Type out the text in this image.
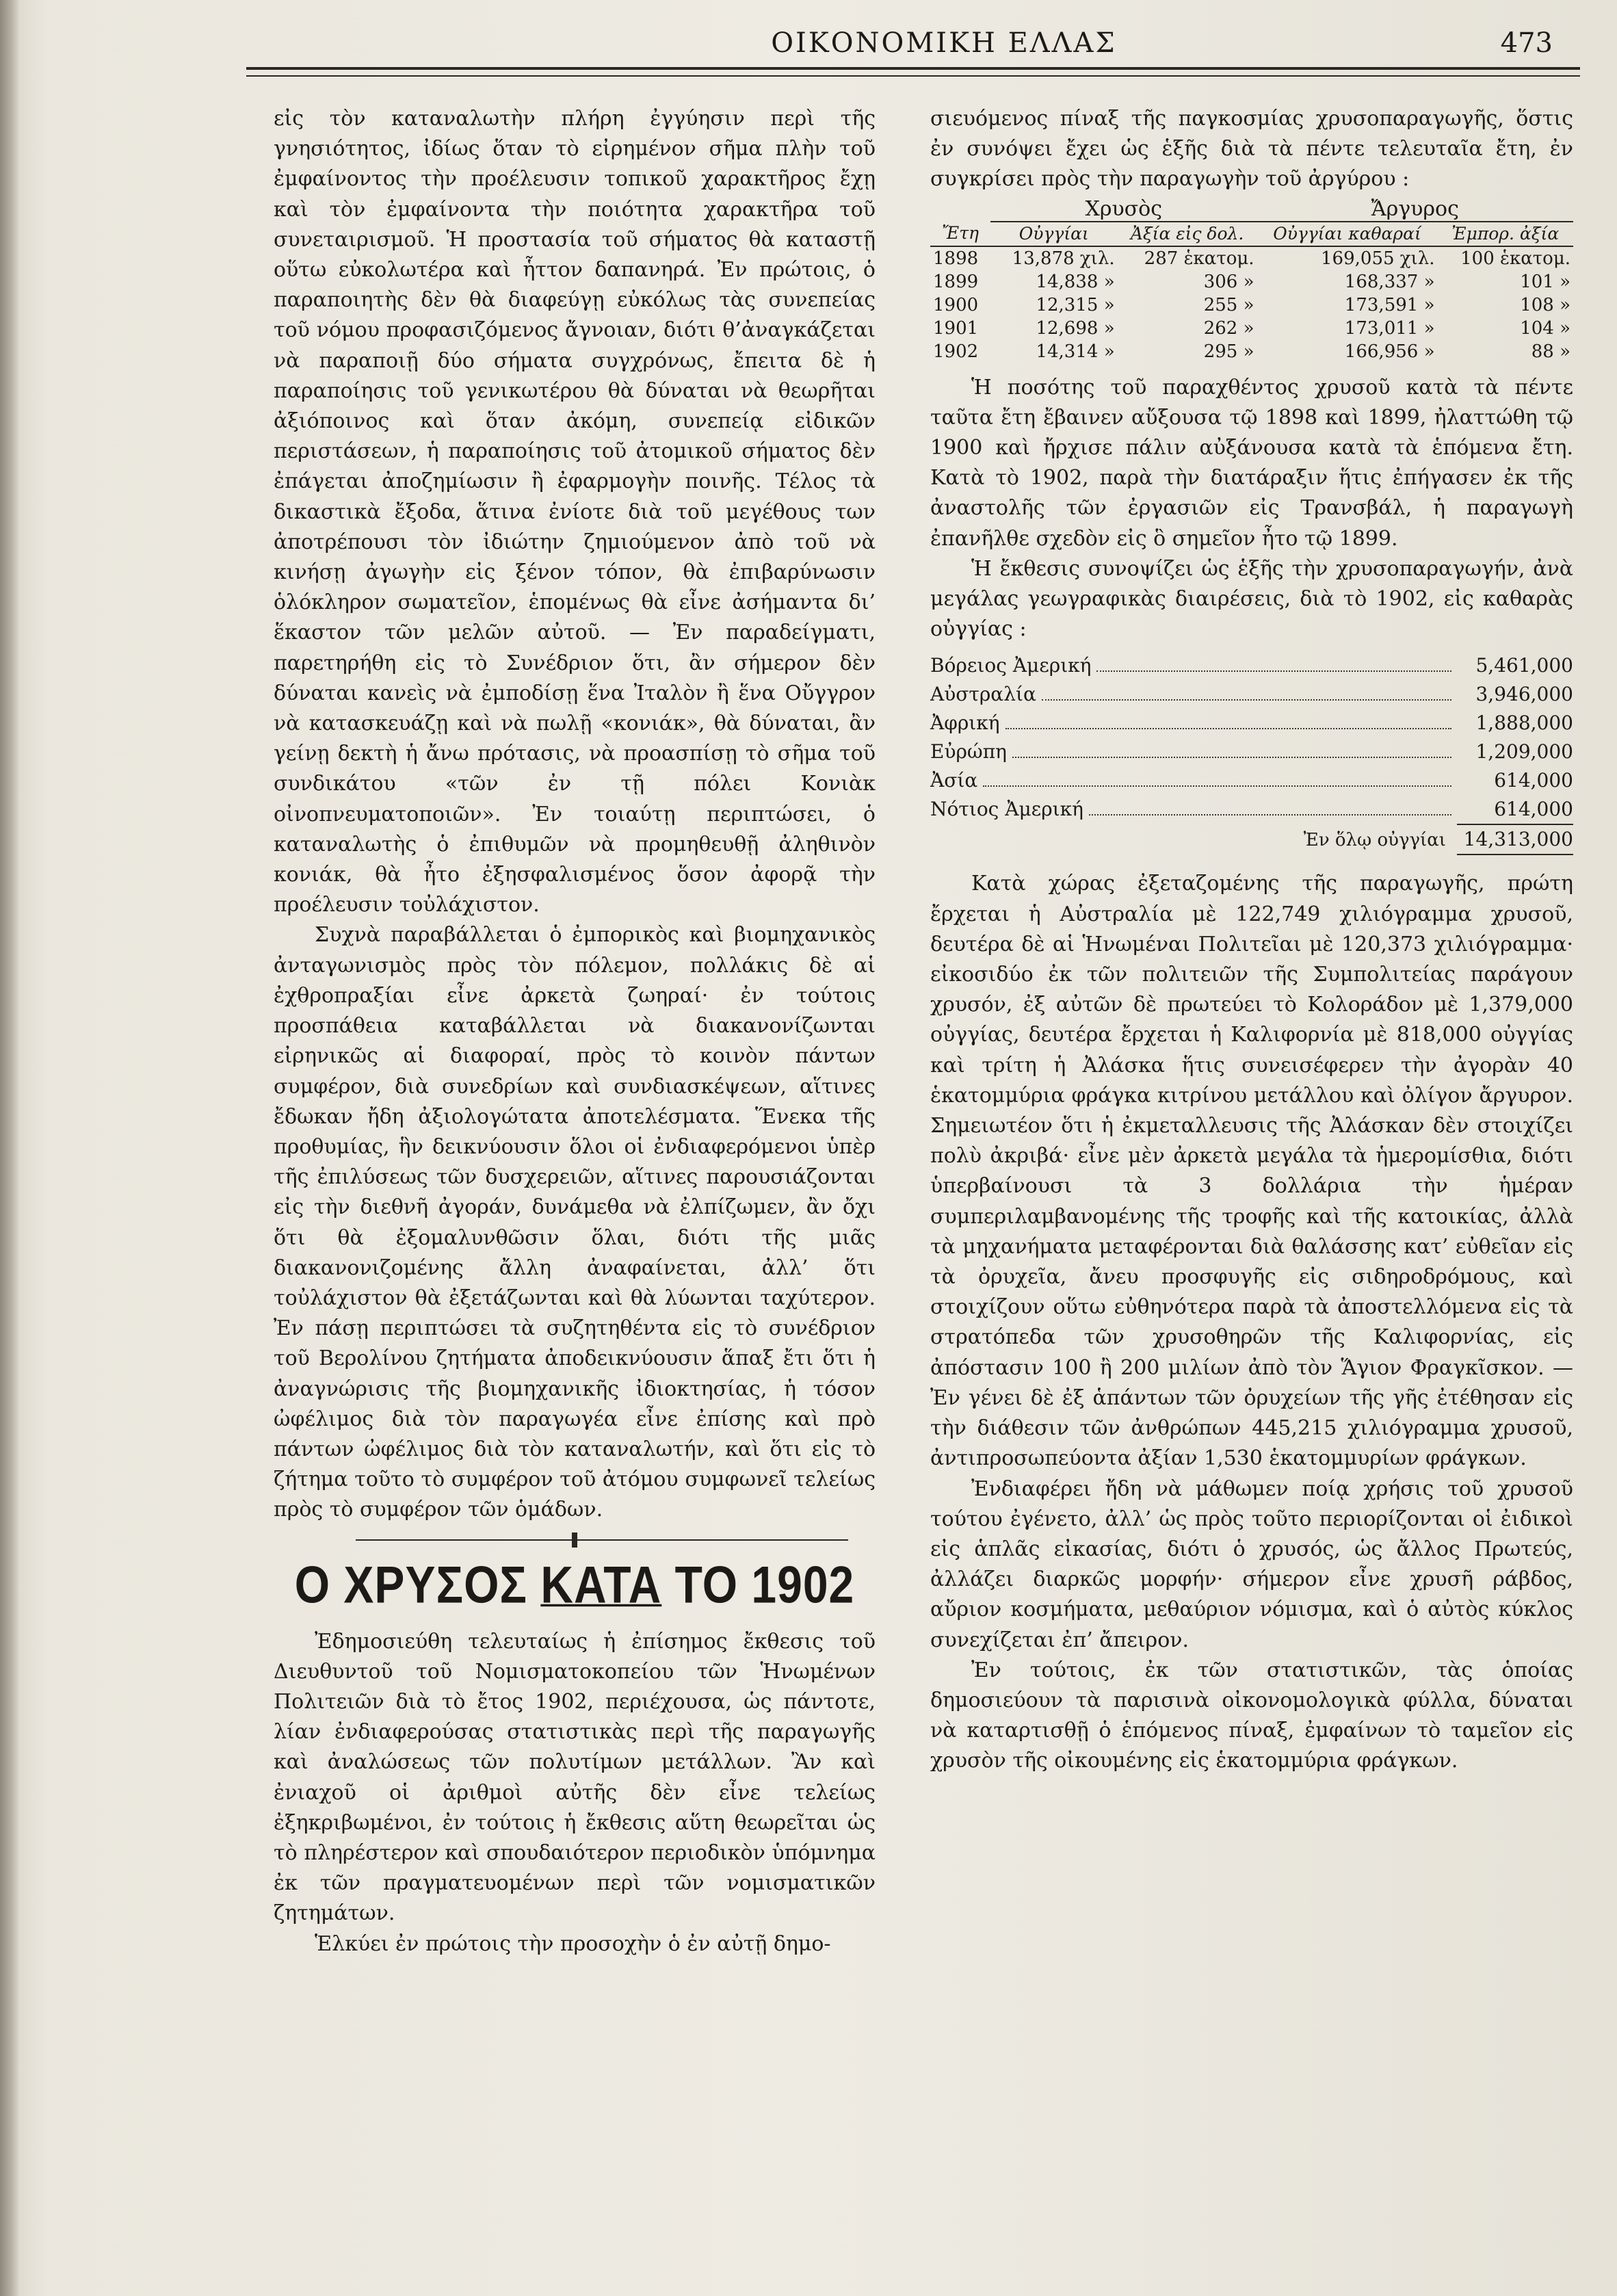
ΟΙΚΟΝΟΜΙΚΗ ΕΛΛΑΣ	473

εἰς τὸν καταναλωτὴν πλήρη ἐγγύησιν περὶ τῆς γνησιότητος, ἰδίως ὅταν τὸ εἰρημένον σῆμα πλὴν τοῦ ἐμφαίνοντος τὴν προέλευσιν τοπικοῦ χαρακτῆρος ἔχῃ καὶ τὸν ἐμφαίνοντα τὴν ποιότητα χαρακτῆρα τοῦ συνεταιρισμοῦ. Ἡ προστασία τοῦ σήματος θὰ καταστῇ οὕτω εὐκολωτέρα καὶ ἧττον δαπανηρά. Ἐν πρώτοις, ὁ παραποιητὴς δὲν θὰ διαφεύγῃ εὐκόλως τὰς συνεπείας τοῦ νόμου προφασιζόμενος ἄγνοιαν, διότι θ’ἀναγκάζεται νὰ παραποιῇ δύο σήματα συγχρόνως, ἔπειτα δὲ ἡ παραποίησις τοῦ γενικωτέρου θὰ δύναται νὰ θεωρῆται ἀξιόποινος καὶ ὅταν ἀκόμη, συνεπείᾳ εἰδικῶν περιστάσεων, ἡ παραποίησις τοῦ ἀτομικοῦ σήματος δὲν ἐπάγεται ἀποζημίωσιν ἢ ἐφαρμογὴν ποινῆς. Τέλος τὰ δικαστικὰ ἔξοδα, ἅτινα ἐνίοτε διὰ τοῦ μεγέθους των ἀποτρέπουσι τὸν ἰδιώτην ζημιούμενον ἀπὸ τοῦ νὰ κινήσῃ ἀγωγὴν εἰς ξένον τόπον, θὰ ἐπιβαρύνωσιν ὁλόκληρον σωματεῖον, ἑπομένως θὰ εἶνε ἀσήμαντα δι’ ἕκαστον τῶν μελῶν αὐτοῦ. — Ἐν παραδείγματι, παρετηρήθη εἰς τὸ Συνέδριον ὅτι, ἂν σήμερον δὲν δύναται κανεὶς νὰ ἐμποδίσῃ ἕνα Ἰταλὸν ἢ ἕνα Οὔγγρον νὰ κατασκευάζῃ καὶ νὰ πωλῇ «κονιάκ», θὰ δύναται, ἂν γείνῃ δεκτὴ ἡ ἄνω πρότασις, νὰ προασπίσῃ τὸ σῆμα τοῦ συνδικάτου «τῶν ἐν τῇ πόλει Κονιὰκ οἰνοπνευματοποιῶν». Ἐν τοιαύτῃ περιπτώσει, ὁ καταναλωτὴς ὁ ἐπιθυμῶν νὰ προμηθευθῇ ἀληθινὸν κονιάκ, θὰ ἦτο ἐξησφαλισμένος ὅσον ἀφορᾷ τὴν προέλευσιν τοὐλάχιστον.

Συχνὰ παραβάλλεται ὁ ἐμπορικὸς καὶ βιομηχανικὸς ἀνταγωνισμὸς πρὸς τὸν πόλεμον, πολλάκις δὲ αἱ ἐχθροπραξίαι εἶνε ἀρκετὰ ζωηραί· ἐν τούτοις προσπάθεια καταβάλλεται νὰ διακανονίζωνται εἰρηνικῶς αἱ διαφοραί, πρὸς τὸ κοινὸν πάντων συμφέρον, διὰ συνεδρίων καὶ συνδιασκέψεων, αἵτινες ἔδωκαν ἤδη ἀξιολογώτατα ἀποτελέσματα. Ἕνεκα τῆς προθυμίας, ἣν δεικνύουσιν ὅλοι οἱ ἐνδιαφερόμενοι ὑπὲρ τῆς ἐπιλύσεως τῶν δυσχερειῶν, αἵτινες παρουσιάζονται εἰς τὴν διεθνῆ ἀγοράν, δυνάμεθα νὰ ἐλπίζωμεν, ἂν ὄχι ὅτι θὰ ἐξομαλυνθῶσιν ὅλαι, διότι τῆς μιᾶς διακανονιζομένης ἄλλη ἀναφαίνεται, ἀλλ’ ὅτι τοὐλάχιστον θὰ ἐξετάζωνται καὶ θὰ λύωνται ταχύτερον. Ἐν πάσῃ περιπτώσει τὰ συζητηθέντα εἰς τὸ συνέδριον τοῦ Βερολίνου ζητήματα ἀποδεικνύουσιν ἅπαξ ἔτι ὅτι ἡ ἀναγνώρισις τῆς βιομηχανικῆς ἰδιοκτησίας, ἡ τόσον ὠφέλιμος διὰ τὸν παραγωγέα εἶνε ἐπίσης καὶ πρὸ πάντων ὠφέλιμος διὰ τὸν καταναλωτήν, καὶ ὅτι εἰς τὸ ζήτημα τοῦτο τὸ συμφέρον τοῦ ἀτόμου συμφωνεῖ τελείως πρὸς τὸ συμφέρον τῶν ὁμάδων.

Ο ΧΡΥΣΟΣ ΚΑΤΑ ΤΟ 1902

Ἐδημοσιεύθη τελευταίως ἡ ἐπίσημος ἔκθεσις τοῦ Διευθυντοῦ τοῦ Νομισματοκοπείου τῶν Ἡνωμένων Πολιτειῶν διὰ τὸ ἔτος 1902, περιέχουσα, ὡς πάντοτε, λίαν ἐνδιαφερούσας στατιστικὰς περὶ τῆς παραγωγῆς καὶ ἀναλώσεως τῶν πολυτίμων μετάλλων. Ἂν καὶ ἐνιαχοῦ οἱ ἀριθμοὶ αὐτῆς δὲν εἶνε τελείως ἐξηκριβωμένοι, ἐν τούτοις ἡ ἔκθεσις αὕτη θεωρεῖται ὡς τὸ πληρέστερον καὶ σπουδαιότερον περιοδικὸν ὑπόμνημα ἐκ τῶν πραγματευομένων περὶ τῶν νομισματικῶν ζητημάτων.

Ἑλκύει ἐν πρώτοις τὴν προσοχὴν ὁ ἐν αὐτῇ δημο-

σιευόμενος πίναξ τῆς παγκοσμίας χρυσοπαραγωγῆς, ὅστις ἐν συνόψει ἔχει ὡς ἑξῆς διὰ τὰ πέντε τελευταῖα ἔτη, ἐν συγκρίσει πρὸς τὴν παραγωγὴν τοῦ ἀργύρου :

	Χρυσὸς		Ἄργυρος	
Ἔτη	Οὐγγίαι	Ἀξία εἰς δολ.	Οὐγγίαι καθαραί	Ἐμπορ. ἀξία
1898	13,878 χιλ.	287 ἑκατομ.	169,055 χιλ.	100 ἑκατομ.
1899	14,838 »	306 »	168,337 »	101 »
1900	12,315 »	255 »	173,591 »	108 »
1901	12,698 »	262 »	173,011 »	104 »
1902	14,314 »	295 »	166,956 »	88 »

Ἡ ποσότης τοῦ παραχθέντος χρυσοῦ κατὰ τὰ πέντε ταῦτα ἔτη ἔβαινεν αὔξουσα τῷ 1898 καὶ 1899, ἠλαττώθη τῷ 1900 καὶ ἤρχισε πάλιν αὐξάνουσα κατὰ τὰ ἑπόμενα ἔτη. Κατὰ τὸ 1902, παρὰ τὴν διατάραξιν ἥτις ἐπήγασεν ἐκ τῆς ἀναστολῆς τῶν ἐργασιῶν εἰς Τρανσβάλ, ἡ παραγωγὴ ἐπανῆλθε σχεδὸν εἰς ὃ σημεῖον ἦτο τῷ 1899.

Ἡ ἔκθεσις συνοψίζει ὡς ἑξῆς τὴν χρυσοπαραγωγήν, ἀνὰ μεγάλας γεωγραφικὰς διαιρέσεις, διὰ τὸ 1902, εἰς καθαρὰς οὐγγίας :

Βόρειος Ἀμερική	5,461,000
Αὐστραλία	3,946,000
Ἀφρική	1,888,000
Εὐρώπη	1,209,000
Ἀσία	614,000
Νότιος Ἀμερική	614,000
Ἐν ὅλῳ οὐγγίαι 14,313,000

Κατὰ χώρας ἐξεταζομένης τῆς παραγωγῆς, πρώτη ἔρχεται ἡ Αὐστραλία μὲ 122,749 χιλιόγραμμα χρυσοῦ, δευτέρα δὲ αἱ Ἡνωμέναι Πολιτεῖαι μὲ 120,373 χιλιόγραμμα· εἰκοσιδύο ἐκ τῶν πολιτειῶν τῆς Συμπολιτείας παράγουν χρυσόν, ἐξ αὐτῶν δὲ πρωτεύει τὸ Κολοράδον μὲ 1,379,000 οὐγγίας, δευτέρα ἔρχεται ἡ Καλιφορνία μὲ 818,000 οὐγγίας καὶ τρίτη ἡ Ἀλάσκα ἥτις συνεισέφερεν τὴν ἀγορὰν 40 ἑκατομμύρια φράγκα κιτρίνου μετάλλου καὶ ὀλίγον ἄργυρον. Σημειωτέον ὅτι ἡ ἐκμεταλλευσις τῆς Ἀλάσκαν δὲν στοιχίζει πολὺ ἀκριβά· εἶνε μὲν ἀρκετὰ μεγάλα τὰ ἡμερομίσθια, διότι ὑπερβαίνουσι τὰ 3 δολλάρια τὴν ἡμέραν συμπεριλαμβανομένης τῆς τροφῆς καὶ τῆς κατοικίας, ἀλλὰ τὰ μηχανήματα μεταφέρονται διὰ θαλάσσης κατ’ εὐθεῖαν εἰς τὰ ὀρυχεῖα, ἄνευ προσφυγῆς εἰς σιδηροδρόμους, καὶ στοιχίζουν οὕτω εὐθηνότερα παρὰ τὰ ἀποστελλόμενα εἰς τὰ στρατόπεδα τῶν χρυσοθηρῶν τῆς Καλιφορνίας, εἰς ἀπόστασιν 100 ἢ 200 μιλίων ἀπὸ τὸν Ἅγιον Φραγκῖσκον. — Ἐν γένει δὲ ἐξ ἁπάντων τῶν ὀρυχείων τῆς γῆς ἐτέθησαν εἰς τὴν διάθεσιν τῶν ἀνθρώπων 445,215 χιλιόγραμμα χρυσοῦ, ἀντιπροσωπεύοντα ἀξίαν 1,530 ἑκατομμυρίων φράγκων.

Ἐνδιαφέρει ἤδη νὰ μάθωμεν ποίᾳ χρήσις τοῦ χρυσοῦ τούτου ἐγένετο, ἀλλ’ ὡς πρὸς τοῦτο περιορίζονται οἱ ἐιδικοὶ εἰς ἁπλᾶς εἰκασίας, διότι ὁ χρυσός, ὡς ἄλλος Πρωτεύς, ἀλλάζει διαρκῶς μορφήν· σήμερον εἶνε χρυσῆ ράβδος, αὔριον κοσμήματα, μεθαύριον νόμισμα, καὶ ὁ αὐτὸς κύκλος συνεχίζεται ἐπ’ ἄπειρον.

Ἐν τούτοις, ἐκ τῶν στατιστικῶν, τὰς ὁποίας δημοσιεύουν τὰ παρισινὰ οἰκονομολογικὰ φύλλα, δύναται νὰ καταρτισθῇ ὁ ἑπόμενος πίναξ, ἐμφαίνων τὸ ταμεῖον εἰς χρυσὸν τῆς οἰκουμένης εἰς ἑκατομμύρια φράγκων.
